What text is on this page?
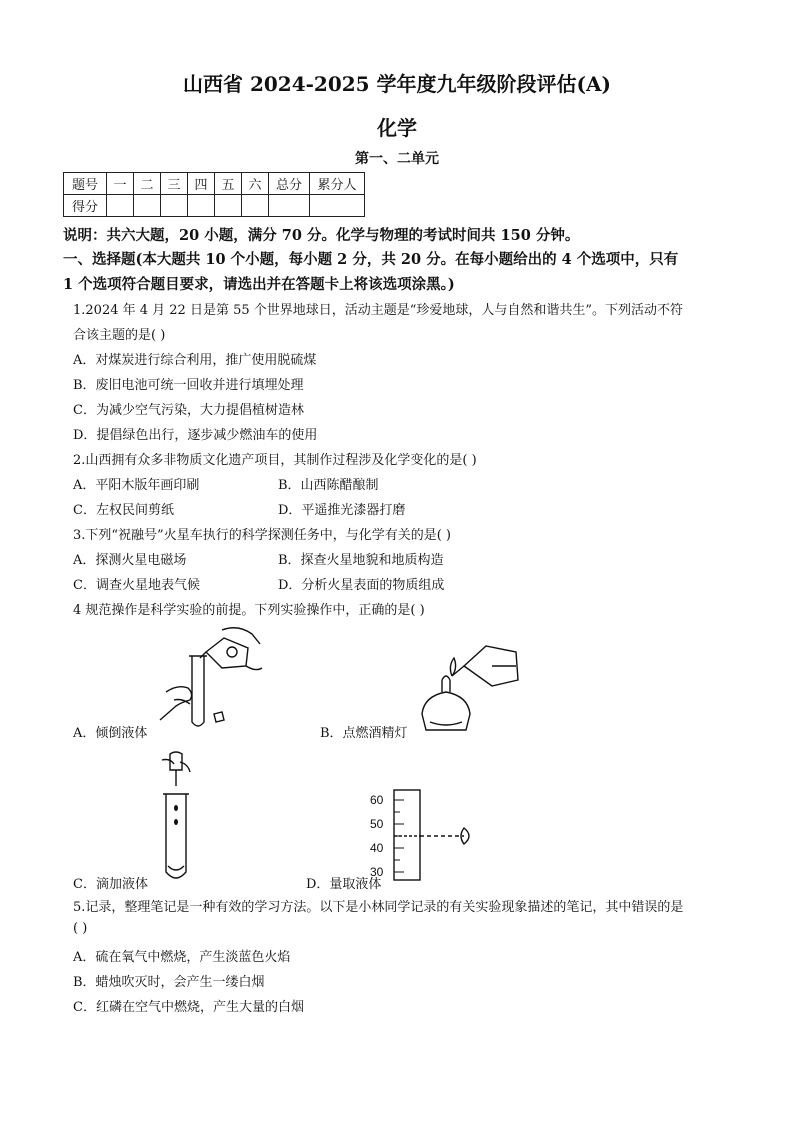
山西省 2024-2025 学年度九年级阶段评估(A)
化学
第一、二单元
题号	一	二	三	四	五	六	总分	累分人
得分								
说明：共六大题，20 小题，满分 70 分。化学与物理的考试时间共 150 分钟。
一、选择题(本大题共 10 个小题，每小题 2 分，共 20 分。在每小题给出的 4 个选项中，只有
1 个选项符合题目要求，请选出并在答题卡上将该选项涂黑。)
1.2024 年 4 月 22 日是第 55 个世界地球日，活动主题是“珍爱地球，人与自然和谐共生”。下列活动不符
合该主题的是( )
A．对煤炭进行综合利用，推广使用脱硫煤
B．废旧电池可统一回收并进行填埋处理
C．为减少空气污染，大力提倡植树造林
D．提倡绿色出行，逐步减少燃油车的使用
2.山西拥有众多非物质文化遗产项目，其制作过程涉及化学变化的是( )
A．平阳木版年画印刷	B．山西陈醋酿制
C．左权民间剪纸	D．平遥推光漆器打磨
3.下列“祝融号”火星车执行的科学探测任务中，与化学有关的是( )
A．探测火星电磁场	B．探查火星地貌和地质构造
C．调查火星地表气候	D．分析火星表面的物质组成
4 规范操作是科学实验的前提。下列实验操作中，正确的是( )
A．倾倒液体	B．点燃酒精灯
C．滴加液体
60
50
40
30
D．量取液体
5.记录，整理笔记是一种有效的学习方法。以下是小林同学记录的有关实验现象描述的笔记，其中错误的是
( )
A．硫在氧气中燃烧，产生淡蓝色火焰
B．蜡烛吹灭时，会产生一缕白烟
C．红磷在空气中燃烧，产生大量的白烟
